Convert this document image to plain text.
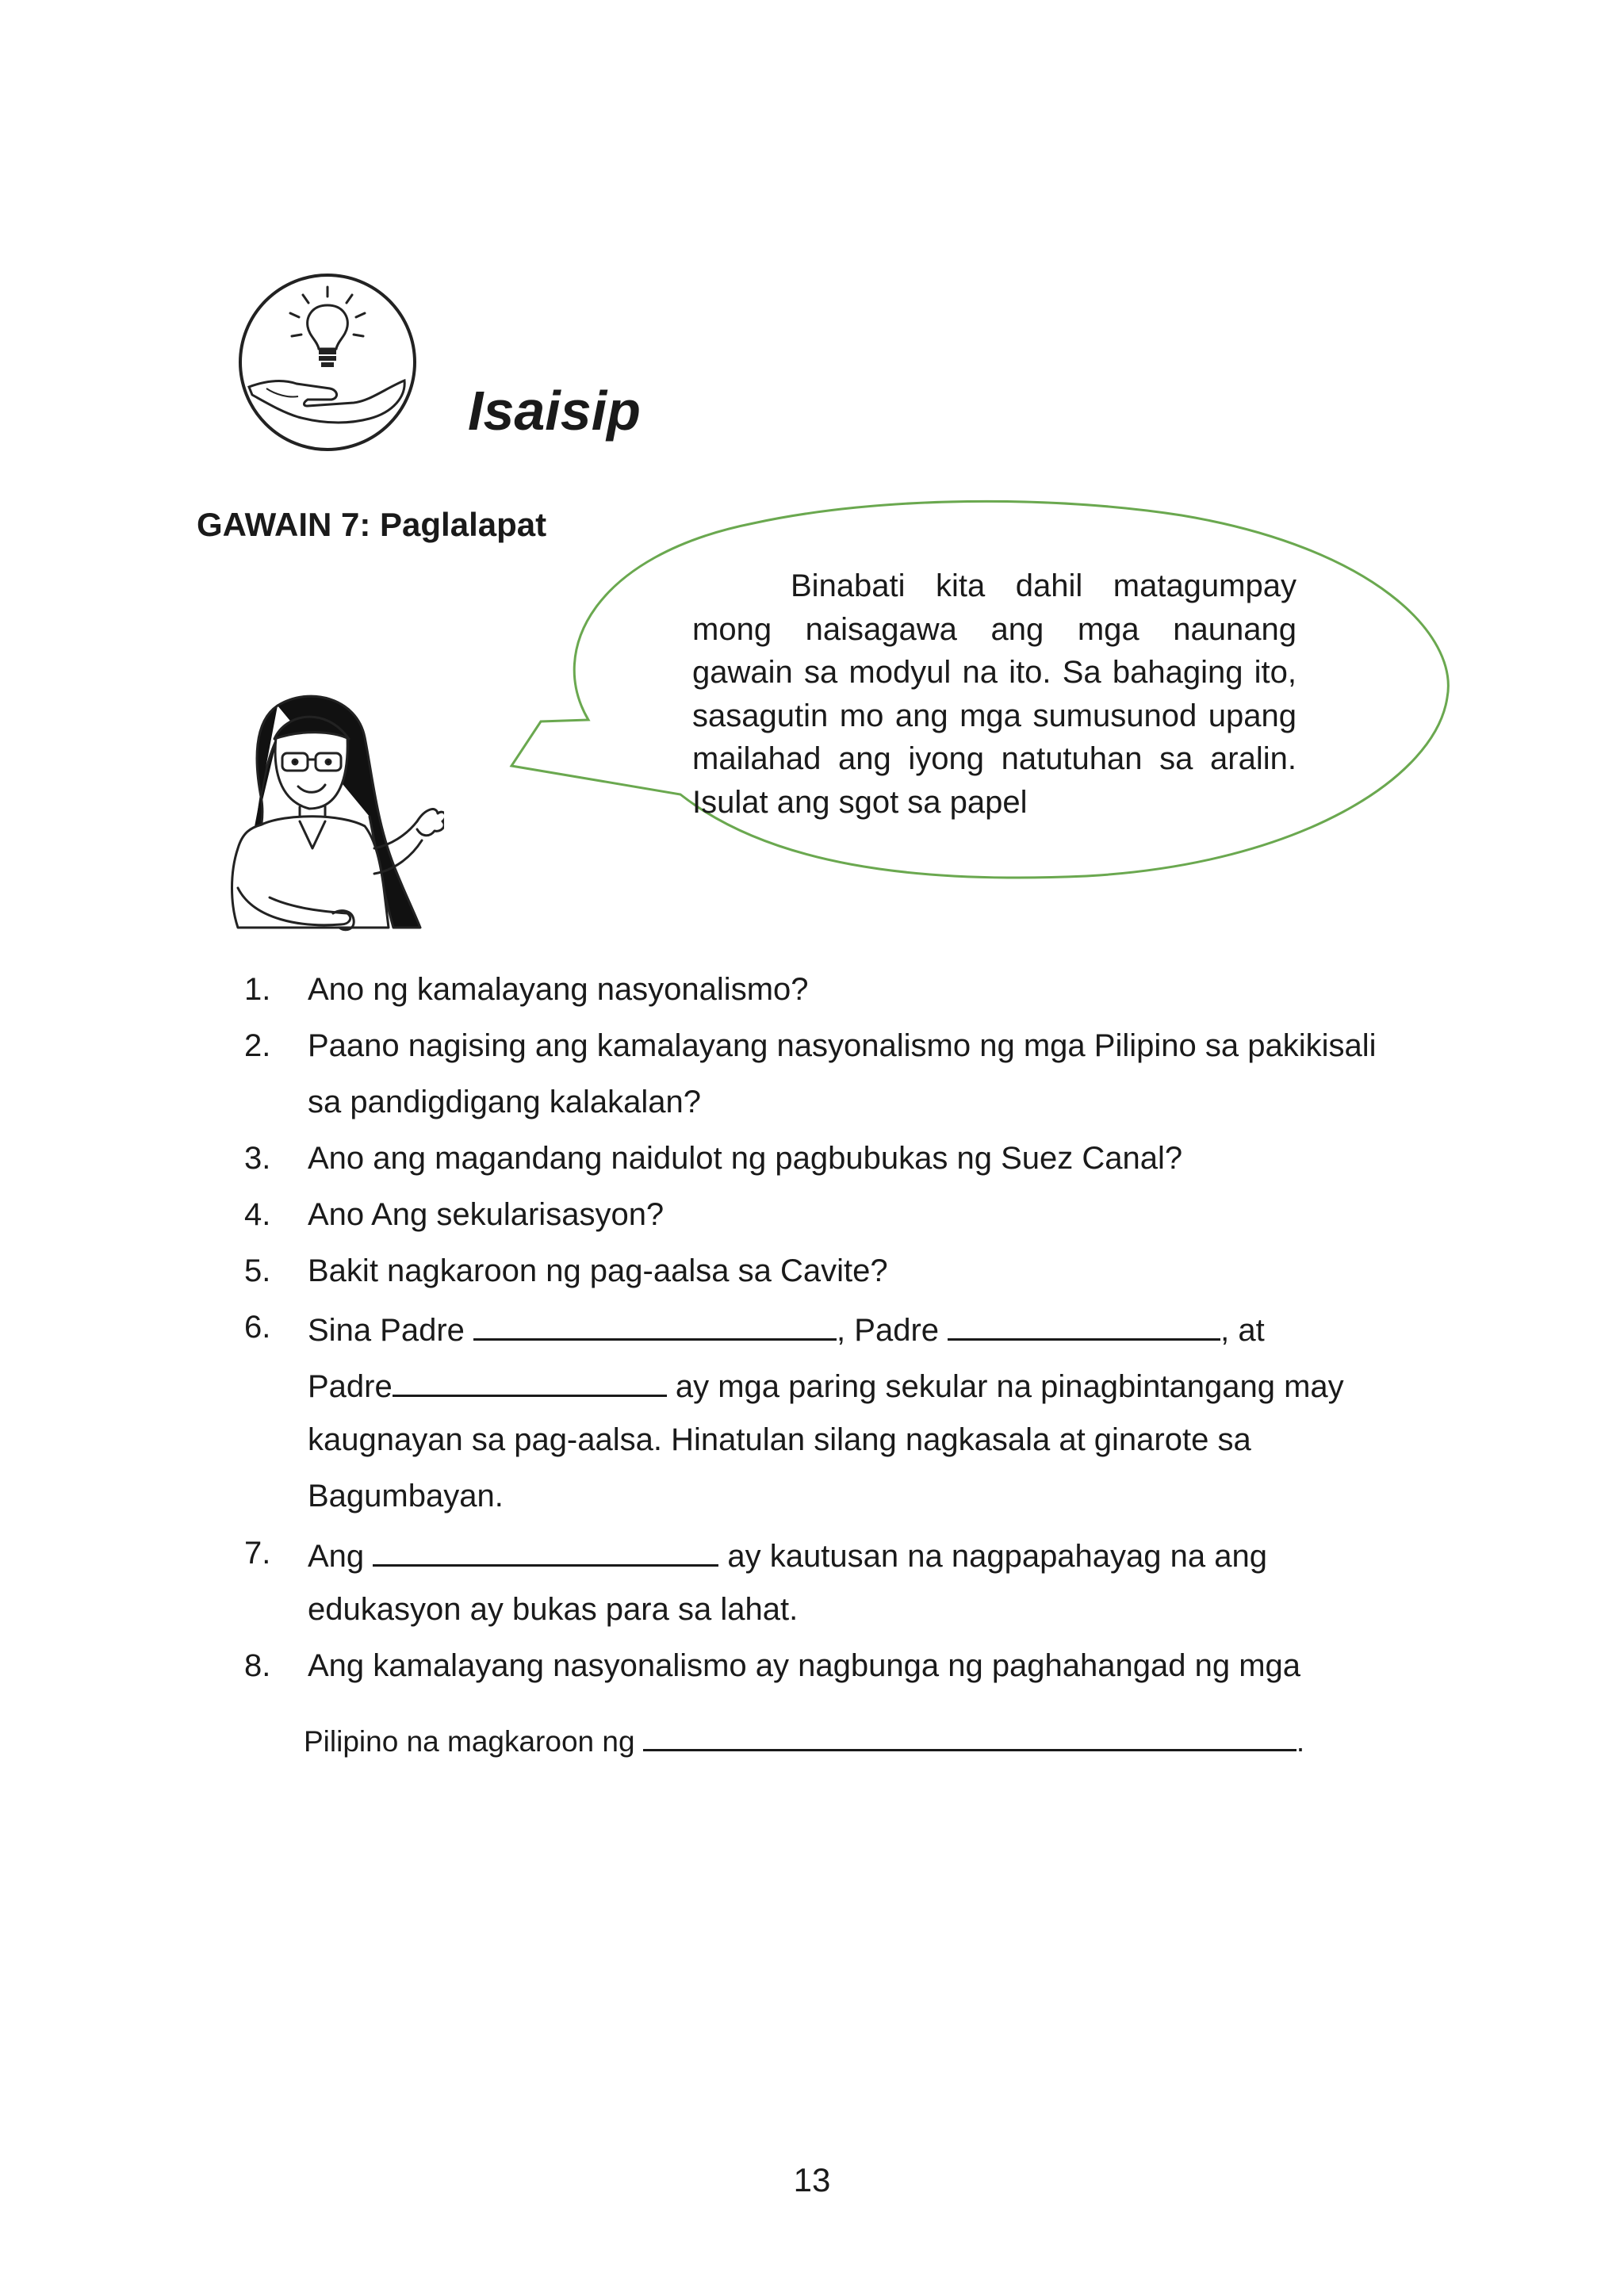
Isaisip
GAWAIN 7: Paglalapat

Binabati kita dahil matagumpay mong naisagawa ang mga naunang gawain sa modyul na ito. Sa bahaging ito, sasagutin mo ang mga sumusunod upang mailahad ang iyong natutuhan sa aralin. Isulat ang sgot sa papel

1. Ano ng kamalayang nasyonalismo?
2. Paano nagising ang kamalayang nasyonalismo ng mga Pilipino sa pakikisali
sa pandigdigang kalakalan?
3. Ano ang magandang naidulot ng pagbubukas ng Suez Canal?
4. Ano Ang sekularisasyon?
5. Bakit nagkaroon ng pag-aalsa sa Cavite?
6. Sina Padre	, Padre	, at
Padre	ay mga paring sekular na pinagbintangang may
kaugnayan sa pag-aalsa. Hinatulan silang nagkasala at ginarote sa
Bagumbayan.
7. Ang	ay kautusan na nagpapahayag na ang
edukasyon ay bukas para sa lahat.
8. Ang kamalayang nasyonalismo ay nagbunga ng paghahangad ng mga
Pilipino na magkaroon ng	.
13
